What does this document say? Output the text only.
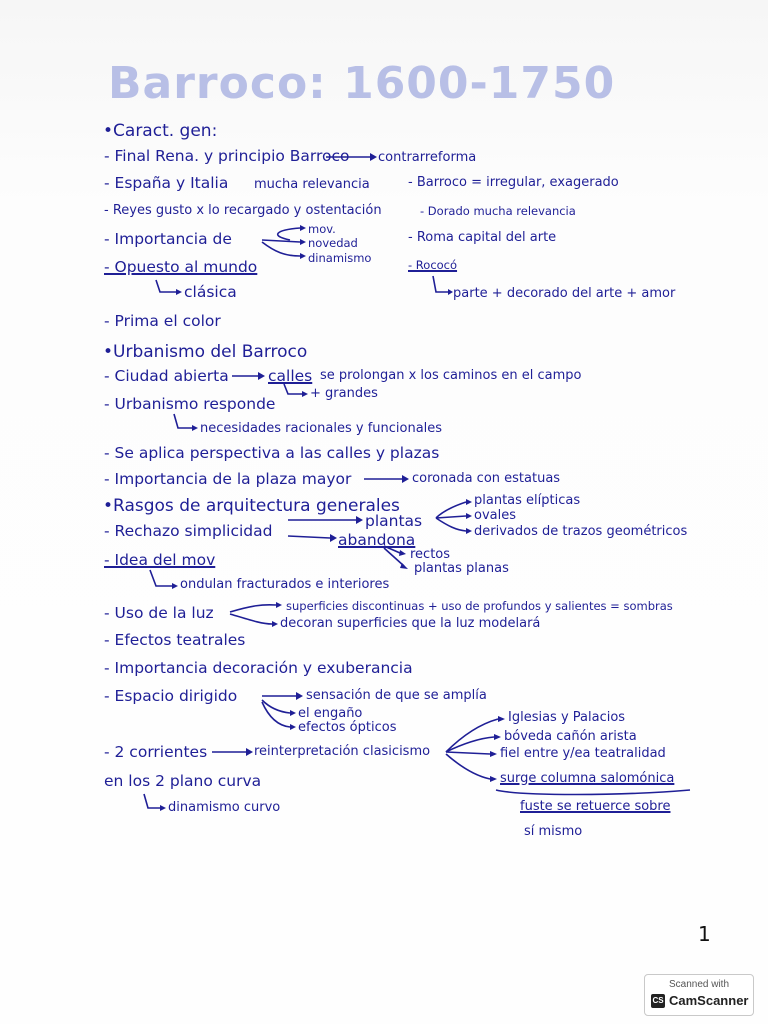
Barroco: 1600-1750
•Caract. gen:
- Final Rena. y principio Barroco contrarreforma
- España y Italia mucha relevancia	- Barroco = irregular, exagerado
- Reyes gusto x lo recargado y ostentación	- Dorado mucha relevancia
- Importancia de
mov.
novedad
dinamismo
- Roma capital del arte
- Opuesto al mundo
clásica
- Rococó
parte + decorado del arte + amor
- Prima el color
•Urbanismo del Barroco
- Ciudad abierta	calles se prolongan x los caminos en el campo
+ grandes
- Urbanismo responde
necesidades racionales y funcionales
- Se aplica perspectiva a las calles y plazas
- Importancia de la plaza mayor	coronada con estatuas
•Rasgos de arquitectura generales
- Rechazo simplicidad
plantas
abandona
plantas elípticas
ovales
derivados de trazos geométricos
rectos
plantas planas
- Idea del mov
ondulan fracturados e interiores
- Uso de la luz	superficies discontinuas + uso de profundos y salientes = sombras
decoran superficies que la luz modelará
- Efectos teatrales
- Importancia decoración y exuberancia
- Espacio dirigido	sensación de que se amplía
el engaño
efectos ópticos
- 2 corrientes	reinterpretación clasicismo
Iglesias y Palacios
bóveda cañón arista
fiel entre y/ea teatralidad
surge columna salomónica
fuste se retuerce sobre
sí mismo
en los 2 plano curva
dinamismo curvo
1
Scanned with
CS CamScanner
